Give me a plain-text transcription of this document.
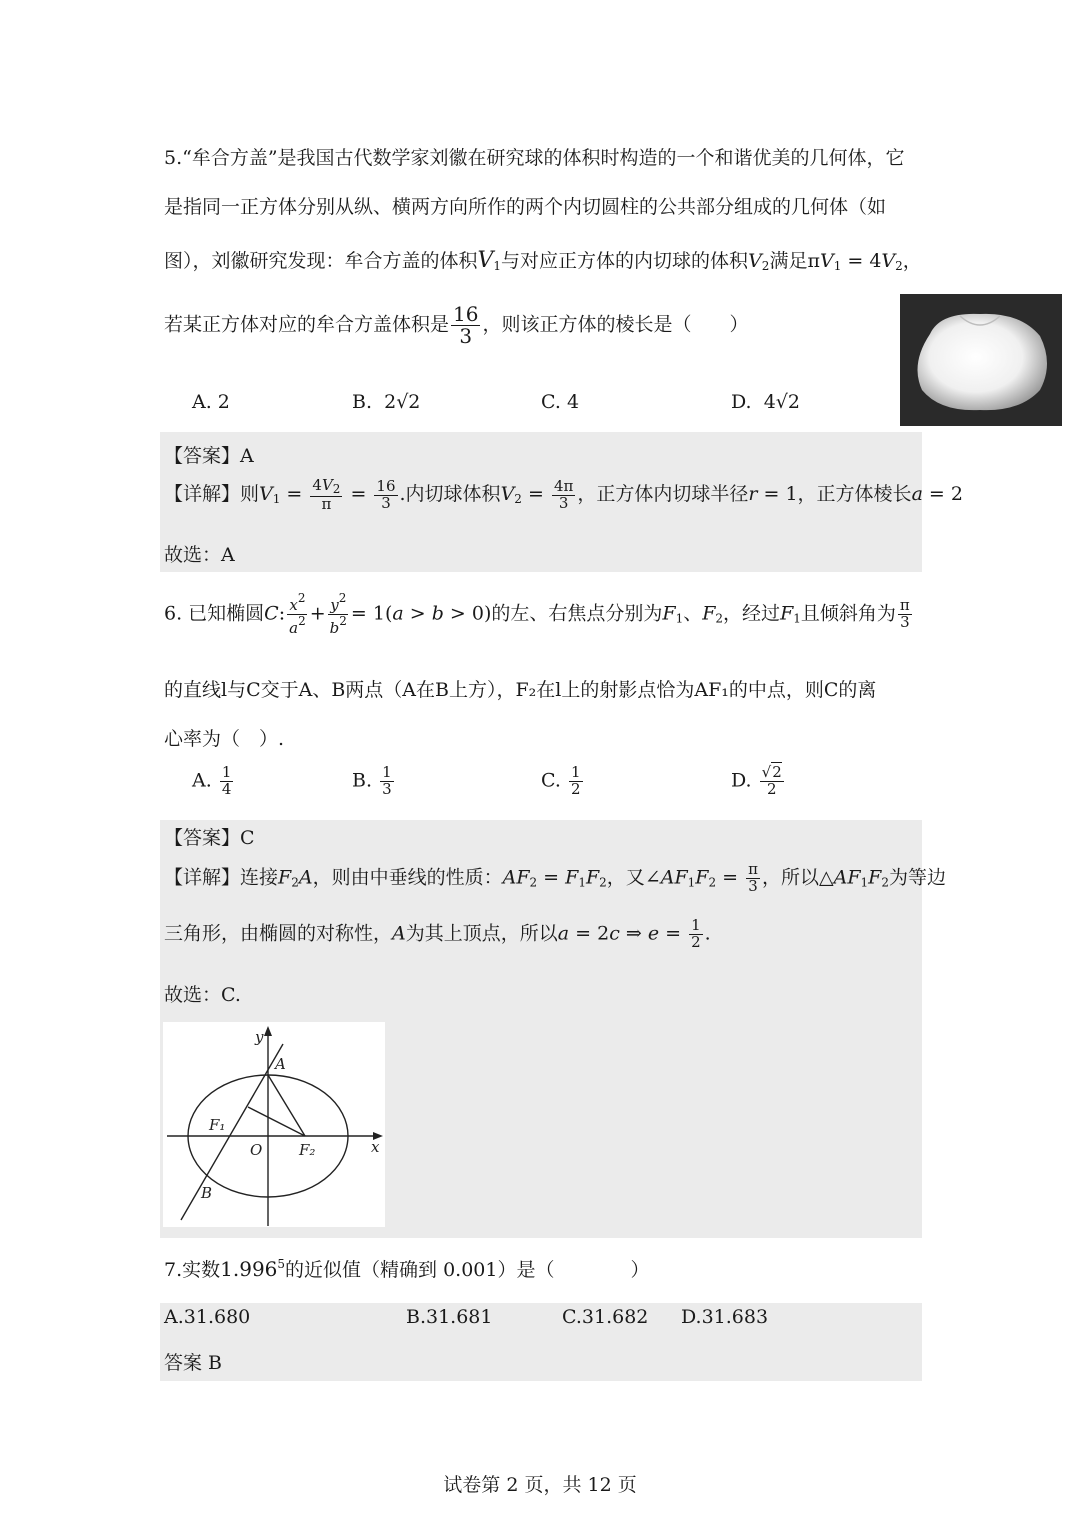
5.“牟合方盖”是我国古代数学家刘徽在研究球的体积时构造的一个和谐优美的几何体，它
是指同一正方体分别从纵、横两方向所作的两个内切圆柱的公共部分组成的几何体（如
图），刘徽研究发现：牟合方盖的体积$V_1$与对应正方体的内切球的体积$V_2$满足$\pi V_1 = 4V_2$，
若某正方体对应的牟合方盖体积是 $\frac{16}{3}$ ，则该正方体的棱长是（　　）
A. 2	B. 2√2	C. 4	D. 4√2
【答案】A
【详解】则$V_1 = \frac{4V_2}{\pi} = \frac{16}{3}$ .内切球体积$V_2 = \frac{4\pi}{3}$ ，正方体内切球半径r = 1，正方体棱长a = 2
故选：A
6. 已知椭圆C: $\frac{x^2}{a^2} + \frac{y^2}{b^2} = 1(a > b > 0)$的左、右焦点分别为$F_1$、$F_2$，经过$F_1$且倾斜角为 $\frac{\pi}{3}$
的直线l与C交于A、B两点（A在B上方），F₂在l上的射影点恰为AF₁的中点，则C的离
心率为（　）.
A. $\frac{1}{4}$	B. $\frac{1}{3}$	C. $\frac{1}{2}$	D. $\frac{√2}{2}$
【答案】C
【详解】连接$F_2A$，则由中垂线的性质：$AF_2 = F_1F_2$，又$\angle AF_1F_2 = \frac{\pi}{3}$ ，所以$\triangle AF_1F_2$为等边
三角形，由椭圆的对称性，A为其上顶点，所以a = 2c ⇒ $e = \frac{1}{2}$ .
故选：C.
y
A
F₁
O F₂	x
B
7.实数1.996$^5$的近似值（精确到 0.001）是（　　　　）
A.31.680	B.31.681	C.31.682 D.31.683
答案 B
试卷第 2 页，共 12 页
